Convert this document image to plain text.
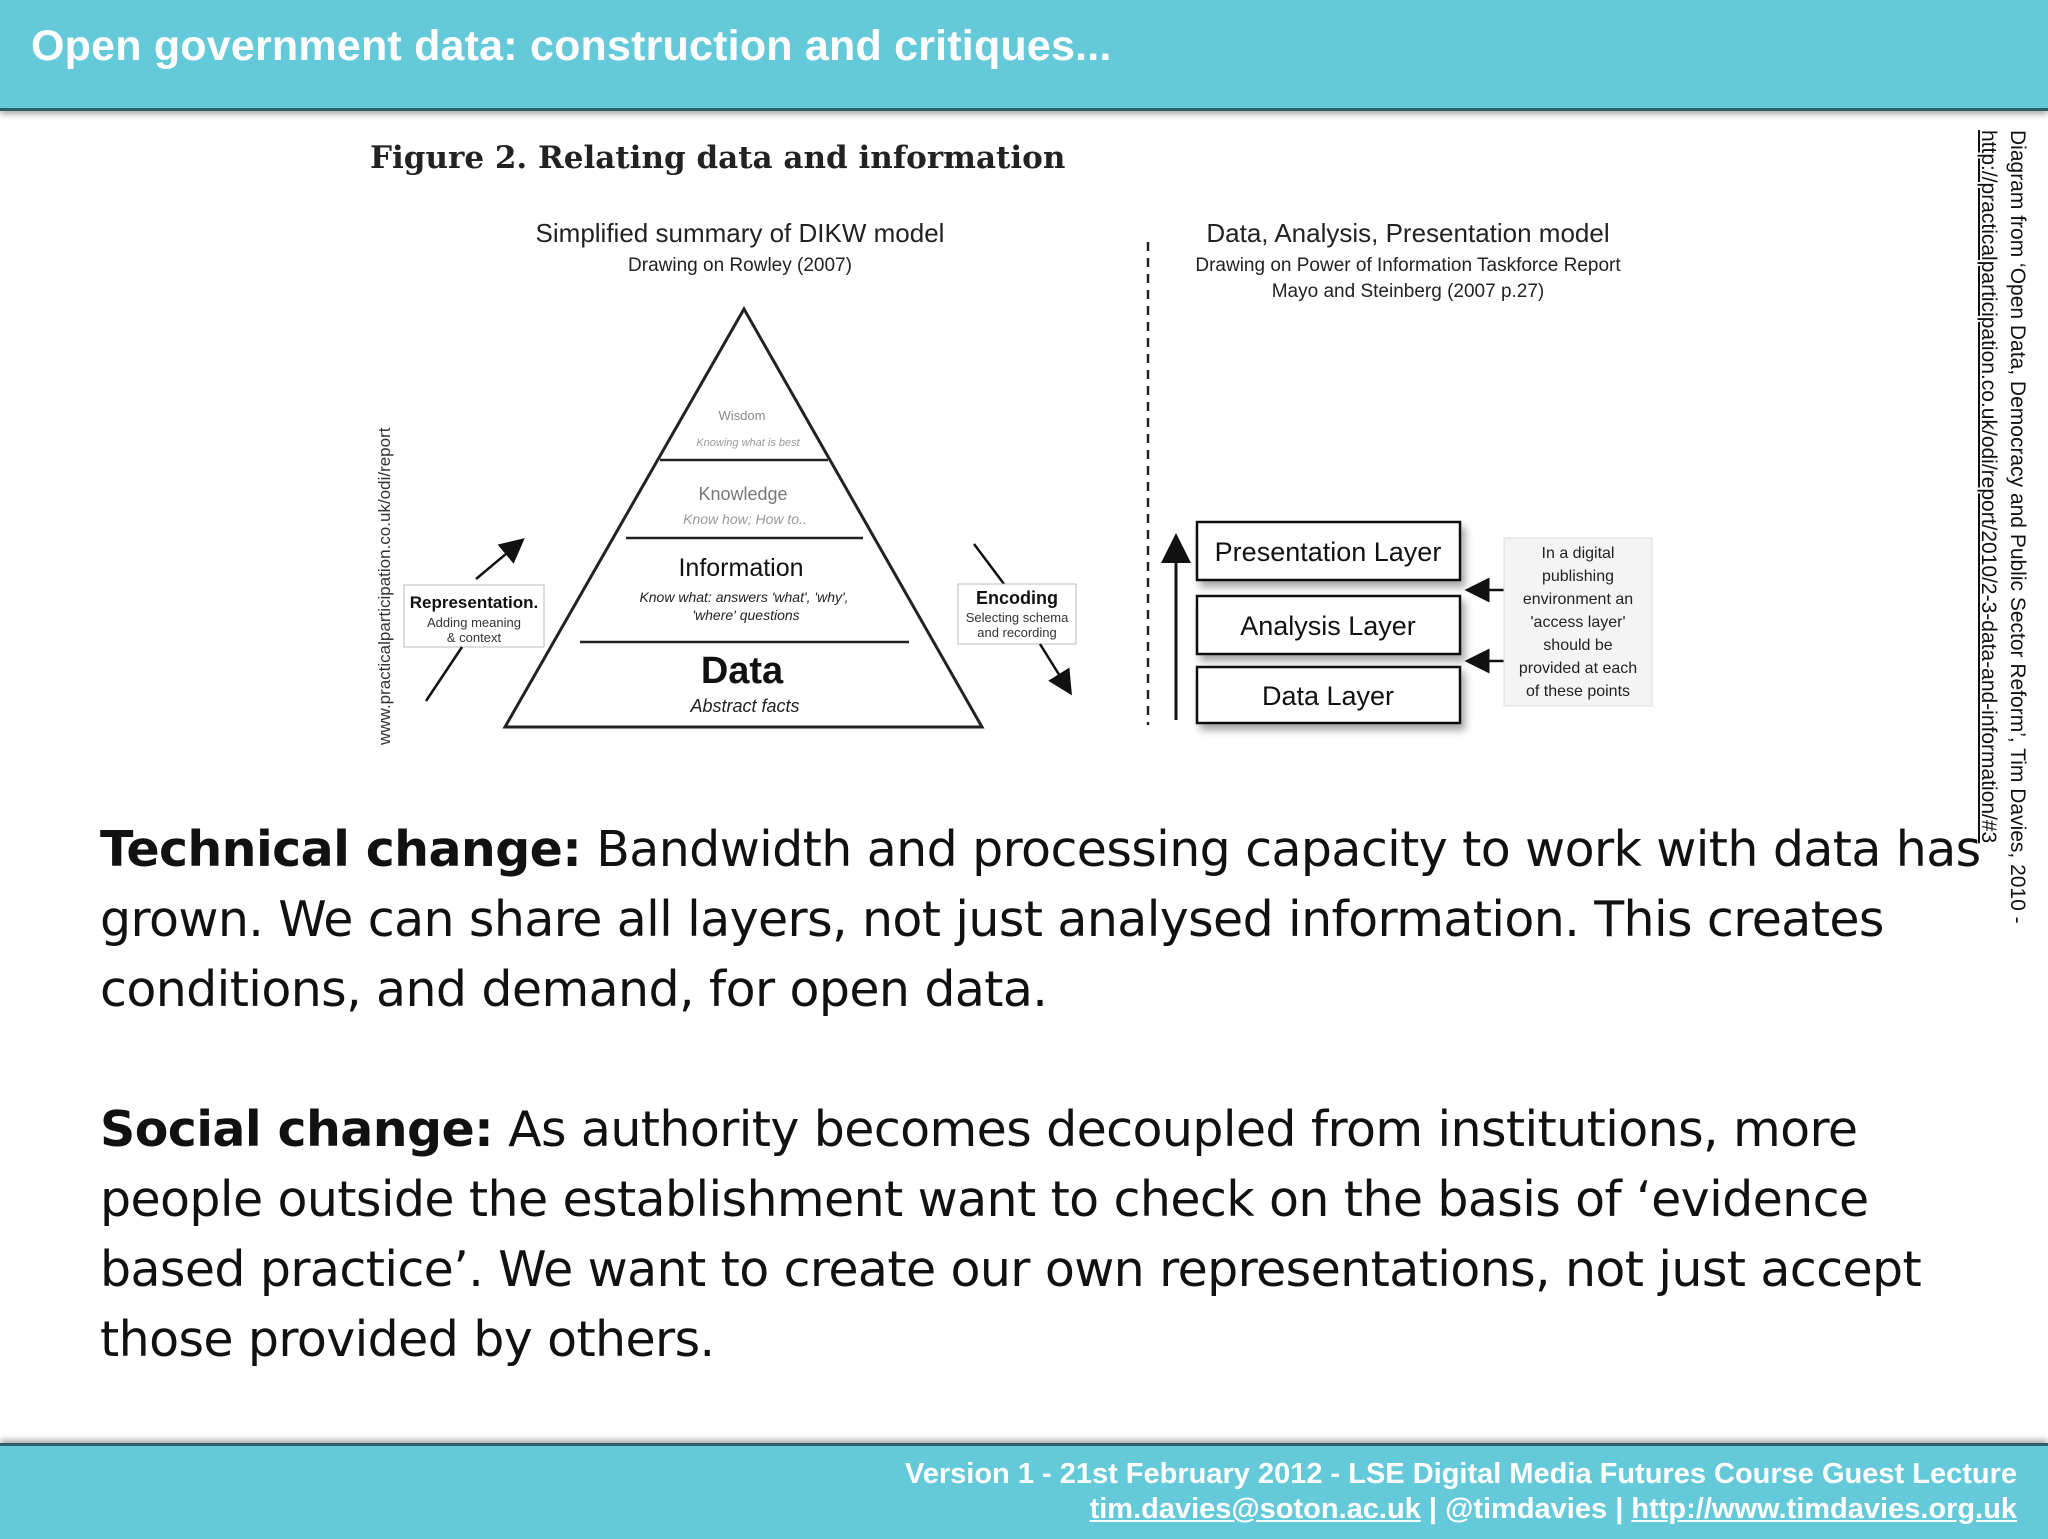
Open government data: construction and critiques...
Figure 2. Relating data and information
Simplified summary of DIKW model
Drawing on Rowley (2007)
Wisdom
Knowing what is best
Knowledge
Know how; How to..
Information
Know what: answers 'what', 'why',
'where' questions
Data
Abstract facts
Representation.
Adding meaning
& context
Encoding
Selecting schema
and recording
Data, Analysis, Presentation model
Drawing on Power of Information Taskforce Report
Mayo and Steinberg (2007 p.27)
Presentation Layer
Analysis Layer
Data Layer
In a digital
publishing
environment an
'access layer'
should be
provided at each
of these points
www.practicalparticipation.co.uk/odi/report	Diagram from ‘Open Data, Democracy and Public Sector Reform’, Tim Davies, 2010 -
http://practicalparticipation.co.uk/odi/report/2010/2-3-data-and-information/#3
Technical change: Bandwidth and processing capacity to work with data has grown. We can share all layers, not just analysed information. This creates conditions, and demand, for open data.
Social change: As authority becomes decoupled from institutions, more people outside the establishment want to check on the basis of ‘evidence based practice’. We want to create our own representations, not just accept those provided by others.
Version 1 - 21st February 2012 - LSE Digital Media Futures Course Guest Lecture
tim.davies@soton.ac.uk | @timdavies | http://www.timdavies.org.uk
